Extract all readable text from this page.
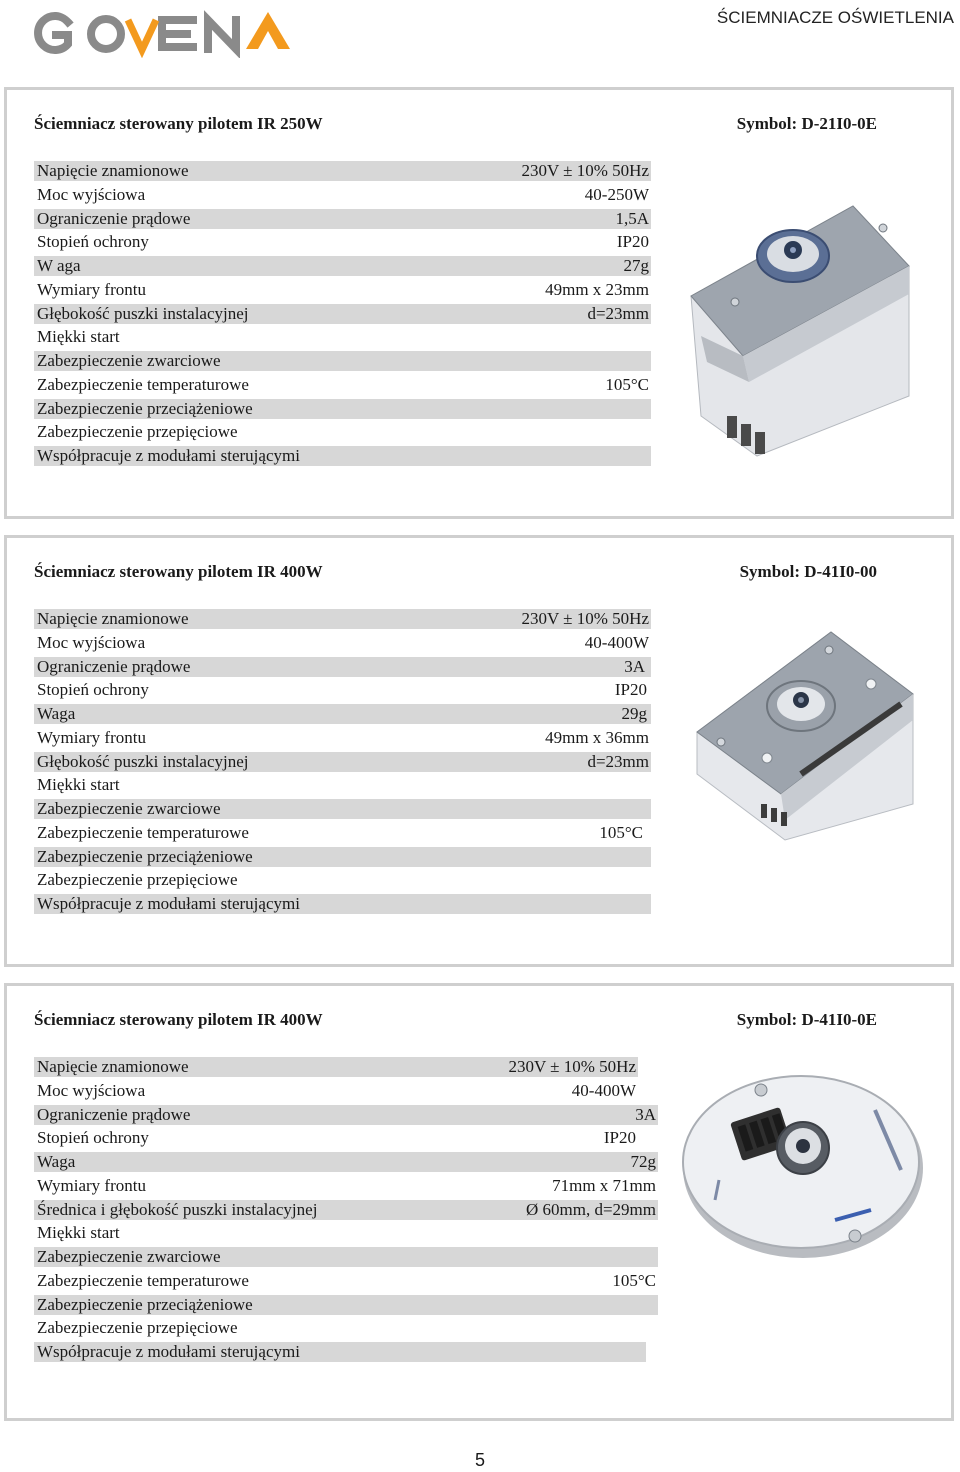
ŚCIEMNIACZE OŚWIETLENIA
Ściemniacz sterowany pilotem IR 250W	Symbol: D-21I0-0E
Napięcie znamionowe	230V ± 10% 50Hz
Moc wyjściowa	40-250W
Ograniczenie prądowe	1,5A
Stopień ochrony	IP20
W aga	27g
Wymiary frontu	49mm x 23mm
Głębokość puszki instalacyjnej	d=23mm
Miękki start
Zabezpieczenie zwarciowe
Zabezpieczenie temperaturowe	105°C
Zabezpieczenie przeciążeniowe
Zabezpieczenie przepięciowe
Współpracuje z modułami sterującymi
Ściemniacz sterowany pilotem IR 400W	Symbol: D-41I0-00
Napięcie znamionowe	230V ± 10% 50Hz
Moc wyjściowa	40-400W
Ograniczenie prądowe	3A
Stopień ochrony	IP20
Waga	29g
Wymiary frontu	49mm x 36mm
Głębokość puszki instalacyjnej	d=23mm
Miękki start
Zabezpieczenie zwarciowe
Zabezpieczenie temperaturowe	105°C
Zabezpieczenie przeciążeniowe
Zabezpieczenie przepięciowe
Współpracuje z modułami sterującymi
Ściemniacz sterowany pilotem IR 400W	Symbol: D-41I0-0E
Napięcie znamionowe	230V ± 10% 50Hz
Moc wyjściowa	40-400W
Ograniczenie prądowe	3A
Stopień ochrony	IP20
Waga	72g
Wymiary frontu	71mm x 71mm
Średnica i głębokość puszki instalacyjnej	Ø 60mm, d=29mm
Miękki start
Zabezpieczenie zwarciowe
Zabezpieczenie temperaturowe	105°C
Zabezpieczenie przeciążeniowe
Zabezpieczenie przepięciowe
Współpracuje z modułami sterującymi
5
